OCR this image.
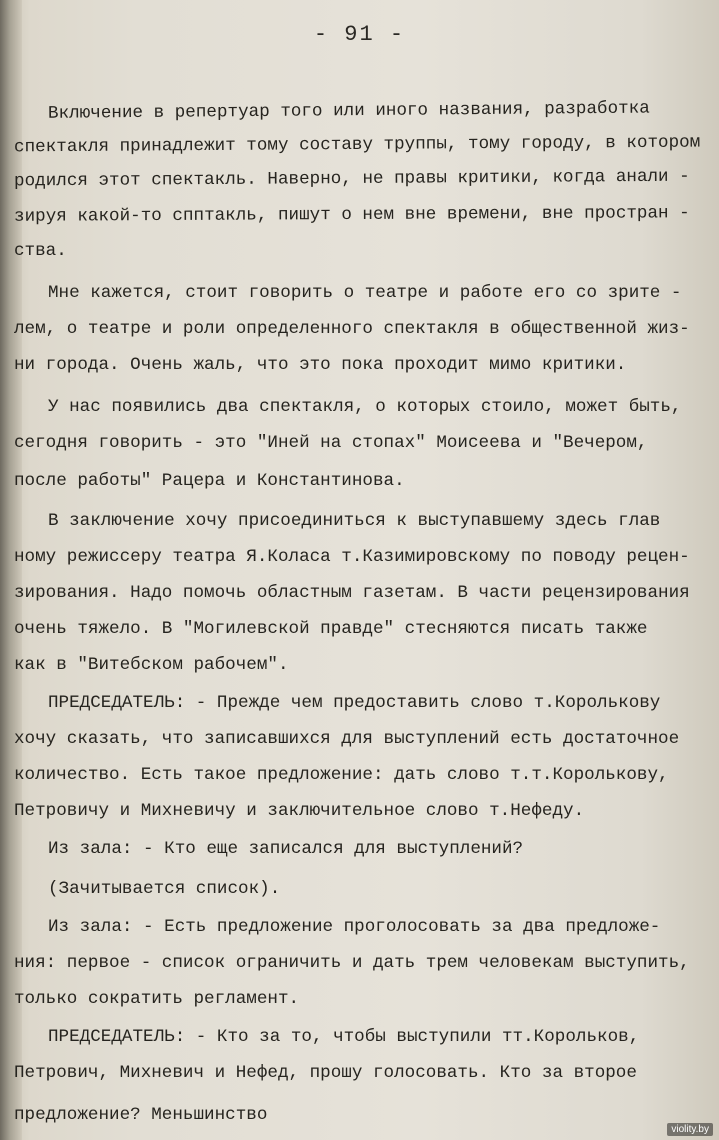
- 91 -
Включение в репертуар того или иного названия, разработка
спектакля принадлежит тому составу труппы, тому городу, в котором
родился этот спектакль. Наверно, не правы критики, когда анали -
зируя какой-то спптакль, пишут о нем вне времени, вне простран -
ства.
Мне кажется, стоит говорить о театре и работе его со зрите -
лем, о театре и роли определенного спектакля в общественной жиз-
ни города. Очень жаль, что это пока проходит мимо критики.
У нас появились два спектакля, о которых стоило, может быть,
сегодня говорить - это "Иней на стопах" Моисеева и "Вечером,
после работы" Рацера и Константинова.
В заключение хочу присоединиться к выступавшему здесь глав
ному режиссеру театра Я.Коласа т.Казимировскому по поводу рецен-
зирования. Надо помочь областным газетам. В части рецензирования
очень тяжело. В "Могилевской правде" стесняются писать также
как в "Витебском рабочем".
ПРЕДСЕДАТЕЛЬ: - Прежде чем предоставить слово т.Королькову
хочу сказать, что записавшихся для выступлений есть достаточное
количество. Есть такое предложение: дать слово т.т.Королькову,
Петровичу и Михневичу и заключительное слово т.Нефеду.
Из зала: - Кто еще записался для выступлений?
(Зачитывается список).
Из зала: - Есть предложение проголосовать за два предложе-
ния: первое - список ограничить и дать трем человекам выступить,
только сократить регламент.
ПРЕДСЕДАТЕЛЬ: - Кто за то, чтобы выступили тт.Корольков,
Петрович, Михневич и Нефед, прошу голосовать. Кто за второе
предложение? Меньшинство
violity.by
